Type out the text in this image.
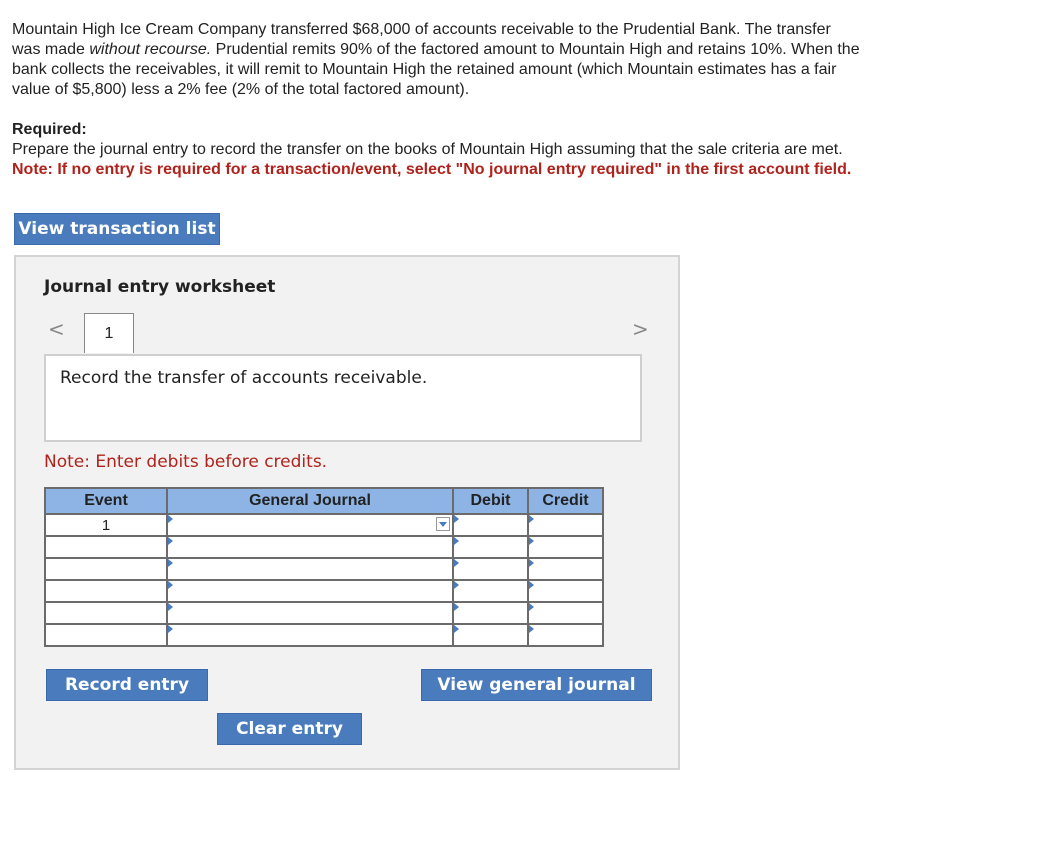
Mountain High Ice Cream Company transferred $68,000 of accounts receivable to the Prudential Bank. The transfer

was made without recourse. Prudential remits 90% of the factored amount to Mountain High and retains 10%. When the

bank collects the receivables, it will remit to Mountain High the retained amount (which Mountain estimates has a fair

value of $5,800) less a 2% fee (2% of the total factored amount).

Required:
Prepare the journal entry to record the transfer on the books of Mountain High assuming that the sale criteria are met.
Note: If no entry is required for a transaction/event, select "No journal entry required" in the first account field.
View transaction list
Journal entry worksheet
<	1	>
Record the transfer of accounts receivable.
Note: Enter debits before credits.
Event	General Journal	Debit	Credit
1	

Record entry	View general journal
Clear entry
